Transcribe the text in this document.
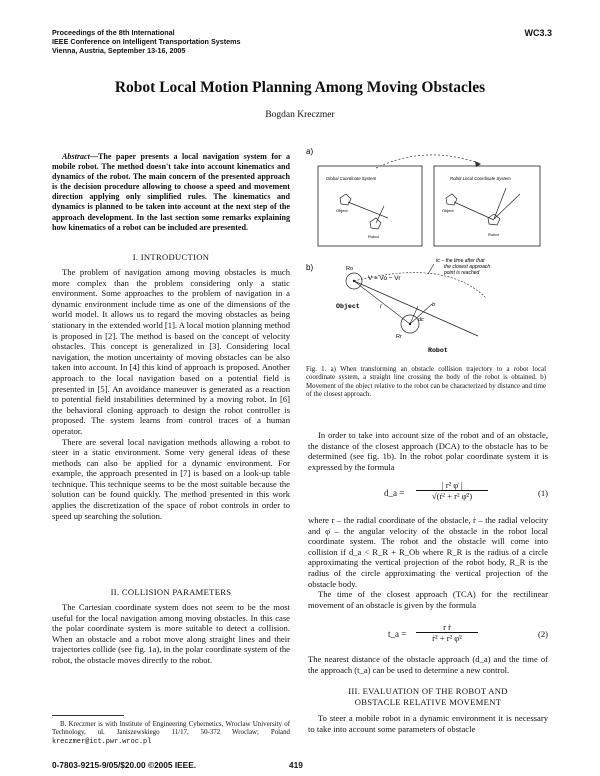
Proceedings of the 8th International
IEEE Conference on Intelligent Transportation Systems
Vienna, Austria, September 13-16, 2005
WC3.3
Robot Local Motion Planning Among Moving Obstacles
Bogdan Kreczmer
Abstract—The paper presents a local navigation system for a mobile robot. The method doesn't take into account kinematics and dynamics of the robot. The main concern of the presented approach is the decision procedure allowing to choose a speed and movement direction applying only simplified rules. The kinematics and dynamics is planned to be taken into account at the next step of the approach development. In the last section some remarks explaining how kinematics of a robot can be included are presented.
I. INTRODUCTION

The problem of navigation among moving obstacles is much more complex than the problem considering only a static environment. Some approaches to the problem of navigation in a dynamic environment include time as one of the dimensions of the world model. It allows us to regard the moving obstacles as being stationary in the extended world [1]. A local motion planning method is proposed in [2]. The method is based on the concept of velocity obstacles. This concept is generalized in [3]. Considering local navigation, the motion uncertainty of moving obstacles can be also taken into account. In [4] this kind of approach is proposed. Another approach to the local navigation based on a potential field is presented in [5]. An avoidance maneuver is generated as a reaction to potential field instabilities determined by a moving robot. In [6] the behavioral cloning approach to design the robot controller is proposed. The system learns from control traces of a human operator.

There are several local navigation methods allowing a robot to steer in a static environment. Some very general ideas of these methods can also be applied for a dynamic environment. For example, the approach presented in [7] is based on a look-up table technique. This technique seems to be the most suitable because the solution can be found quickly. The method presented in this work applies the discretization of the space of robot controls in order to speed up searching the solution.

II. COLLISION PARAMETERS

The Cartesian coordinate system does not seem to be the most useful for the local navigation among moving obstacles. In this case the polar coordinate system is more suitable to detect a collision. When an obstacle and a robot move along straight lines and their trajectories collide (see fig. 1a), in the polar coordinate system of the robot, the obstacle moves directly to the robot.

B. Kreczmer is with Institute of Engineering Cybernetics, Wroclaw University of Technology, ul. Janiszewskiego 11/17, 50-372 Wroclaw; Poland kreczmer@ict.pwr.wroc.pl
0-7803-9215-9/05/$20.00 ©2005 IEEE.	419
a)
Global Coordinate System	Robot Local Coordinate System
Object
Robot
Object
Robot
b)	Ro
V = Vo − Vr
Object
tc − the time after that
the closest approach
point is reached
Rr
r
dc
b
Robot
Fig. 1. a) When transforming an obstacle collision trajectory to a robot local coordinate system, a straight line crossing the body of the robot is obtained. b) Movement of the object relative to the robot can be characterized by distance and time of the closest approach.

In order to take into account size of the robot and of an obstacle, the distance of the closest approach (DCA) to the obstacle has to be determined (see fig. 1b). In the robot polar coordinate system it is expressed by the formula

d_a = $\frac{\text{| r² φ̇ |}}{\text{√(ṙ² + r² φ̇²)}}$	(1)

where r – the radial coordinate of the obstacle, ṙ – the radial velocity and φ̇ – the angular velocity of the obstacle in the robot local coordinate system. The robot and the obstacle will come into collision if d_a < R_R + R_Ob where R_R is the radius of a circle approximating the vertical projection of the robot body, R_R is the radius of the circle approximating the vertical projection of the obstacle body.

The time of the closest approach (TCA) for the rectilinear movement of an obstacle is given by the formula

t_a = $\frac{\text{r ṙ}}{\text{ṙ² + r² φ̇²}}$	(2)

The nearest distance of the obstacle approach (d_a) and the time of the approach (t_a) can be used to determine a new control.

III. EVALUATION OF THE ROBOT AND
OBSTACLE RELATIVE MOVEMENT

To steer a mobile robot in a dynamic environment it is necessary to take into account some parameters of obstacle
